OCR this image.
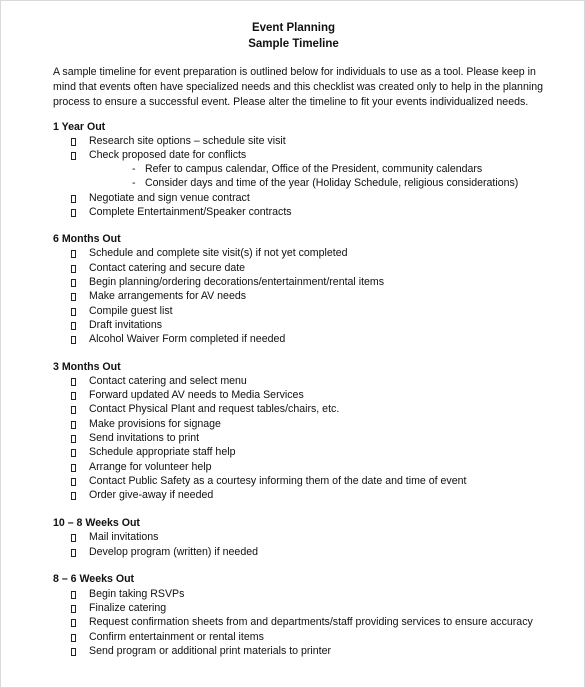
Event Planning
Sample Timeline
A sample timeline for event preparation is outlined below for individuals to use as a tool. Please keep in
mind that events often have specialized needs and this checklist was created only to help in the planning
process to ensure a successful event. Please alter the timeline to fit your events individualized needs.
1 Year Out
Research site options – schedule site visit
Check proposed date for conflicts
- Refer to campus calendar, Office of the President, community calendars
- Consider days and time of the year (Holiday Schedule, religious considerations)
Negotiate and sign venue contract
Complete Entertainment/Speaker contracts
6 Months Out
Schedule and complete site visit(s) if not yet completed
Contact catering and secure date
Begin planning/ordering decorations/entertainment/rental items
Make arrangements for AV needs
Compile guest list
Draft invitations
Alcohol Waiver Form completed if needed
3 Months Out
Contact catering and select menu
Forward updated AV needs to Media Services
Contact Physical Plant and request tables/chairs, etc.
Make provisions for signage
Send invitations to print
Schedule appropriate staff help
Arrange for volunteer help
Contact Public Safety as a courtesy informing them of the date and time of event
Order give-away if needed
10 – 8 Weeks Out
Mail invitations
Develop program (written) if needed
8 – 6 Weeks Out
Begin taking RSVPs
Finalize catering
Request confirmation sheets from and departments/staff providing services to ensure accuracy
Confirm entertainment or rental items
Send program or additional print materials to printer
